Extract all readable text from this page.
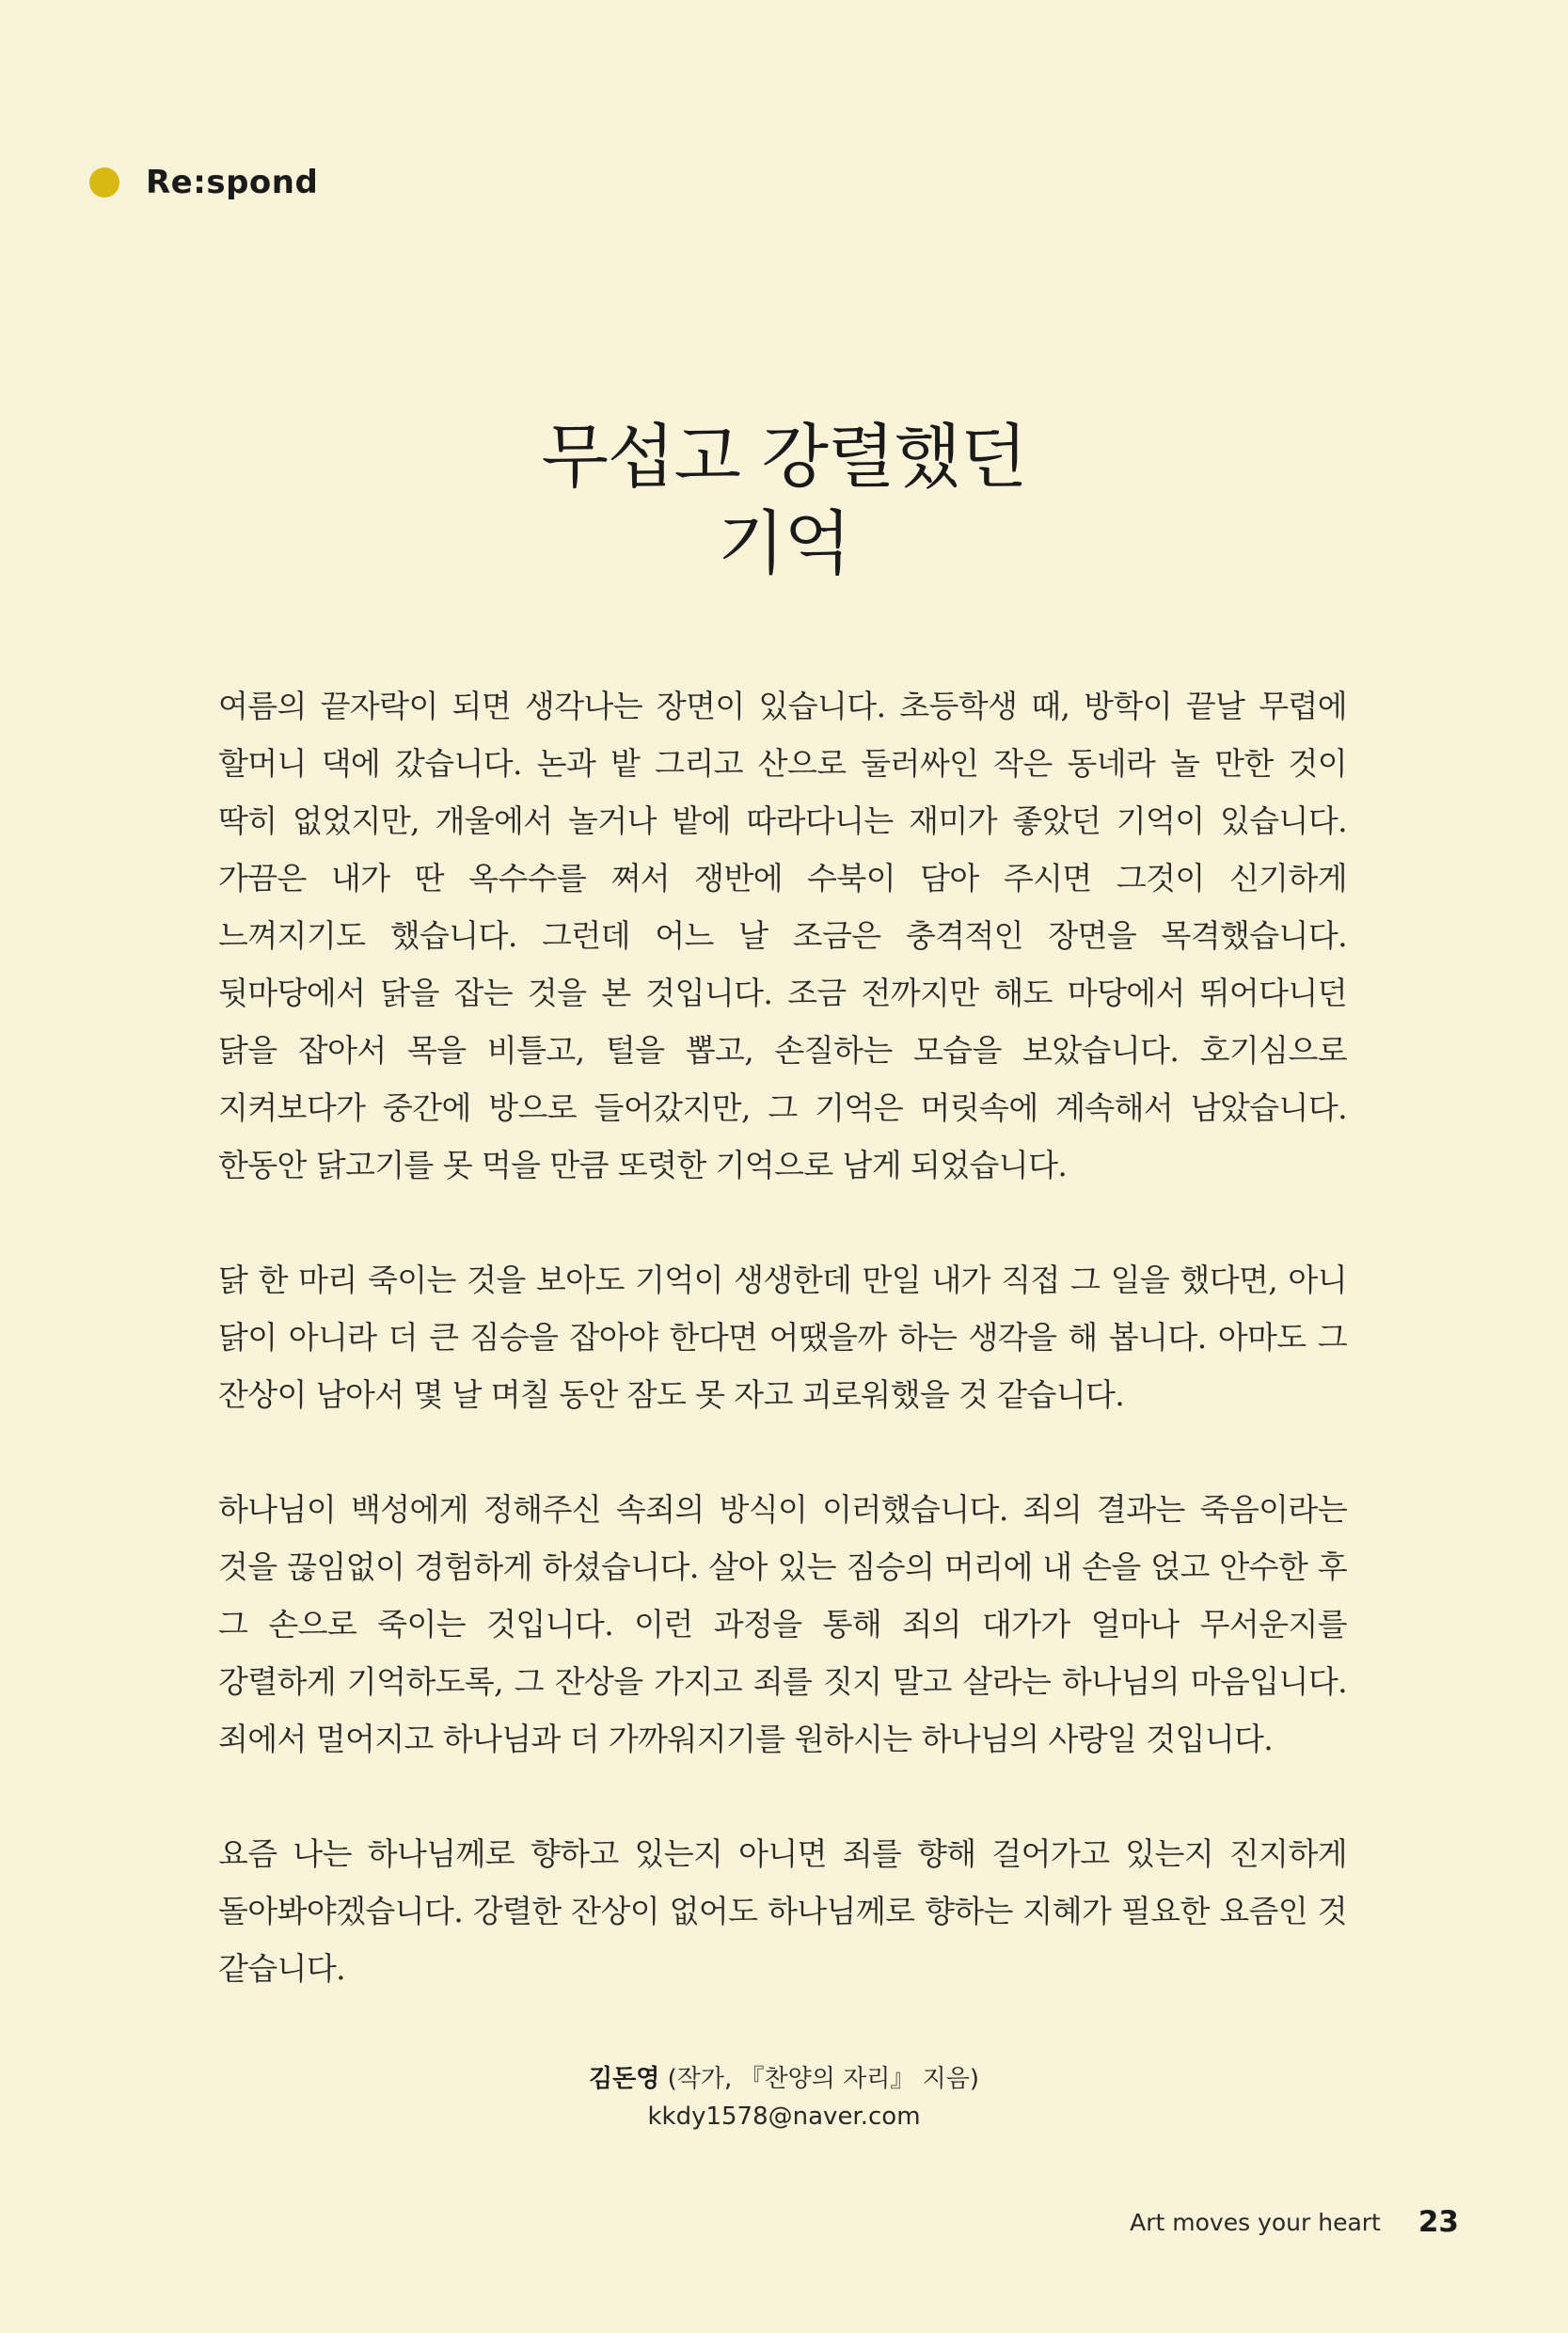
Re:spond
무섭고 강렬했던
기억

여름의 끝자락이 되면 생각나는 장면이 있습니다. 초등학생 때, 방학이 끝날 무렵에 할머니 댁에 갔습니다. 논과 밭 그리고 산으로 둘러싸인 작은 동네라 놀 만한 것이 딱히 없었지만, 개울에서 놀거나 밭에 따라다니는 재미가 좋았던 기억이 있습니다. 가끔은 내가 딴 옥수수를 쪄서 쟁반에 수북이 담아 주시면 그것이 신기하게 느껴지기도 했습니다. 그런데 어느 날 조금은 충격적인 장면을 목격했습니다. 뒷마당에서 닭을 잡는 것을 본 것입니다. 조금 전까지만 해도 마당에서 뛰어다니던 닭을 잡아서 목을 비틀고, 털을 뽑고, 손질하는 모습을 보았습니다. 호기심으로 지켜보다가 중간에 방으로 들어갔지만, 그 기억은 머릿속에 계속해서 남았습니다. 한동안 닭고기를 못 먹을 만큼 또렷한 기억으로 남게 되었습니다.

닭 한 마리 죽이는 것을 보아도 기억이 생생한데 만일 내가 직접 그 일을 했다면, 아니 닭이 아니라 더 큰 짐승을 잡아야 한다면 어땠을까 하는 생각을 해 봅니다. 아마도 그 잔상이 남아서 몇 날 며칠 동안 잠도 못 자고 괴로워했을 것 같습니다.

하나님이 백성에게 정해주신 속죄의 방식이 이러했습니다. 죄의 결과는 죽음이라는 것을 끊임없이 경험하게 하셨습니다. 살아 있는 짐승의 머리에 내 손을 얹고 안수한 후 그 손으로 죽이는 것입니다. 이런 과정을 통해 죄의 대가가 얼마나 무서운지를 강렬하게 기억하도록, 그 잔상을 가지고 죄를 짓지 말고 살라는 하나님의 마음입니다. 죄에서 멀어지고 하나님과 더 가까워지기를 원하시는 하나님의 사랑일 것입니다.

요즘 나는 하나님께로 향하고 있는지 아니면 죄를 향해 걸어가고 있는지 진지하게 돌아봐야겠습니다. 강렬한 잔상이 없어도 하나님께로 향하는 지혜가 필요한 요즘인 것 같습니다.

김돈영 (작가, 『찬양의 자리』 지음)
kkdy1578@naver.com
Art moves your heart 23
